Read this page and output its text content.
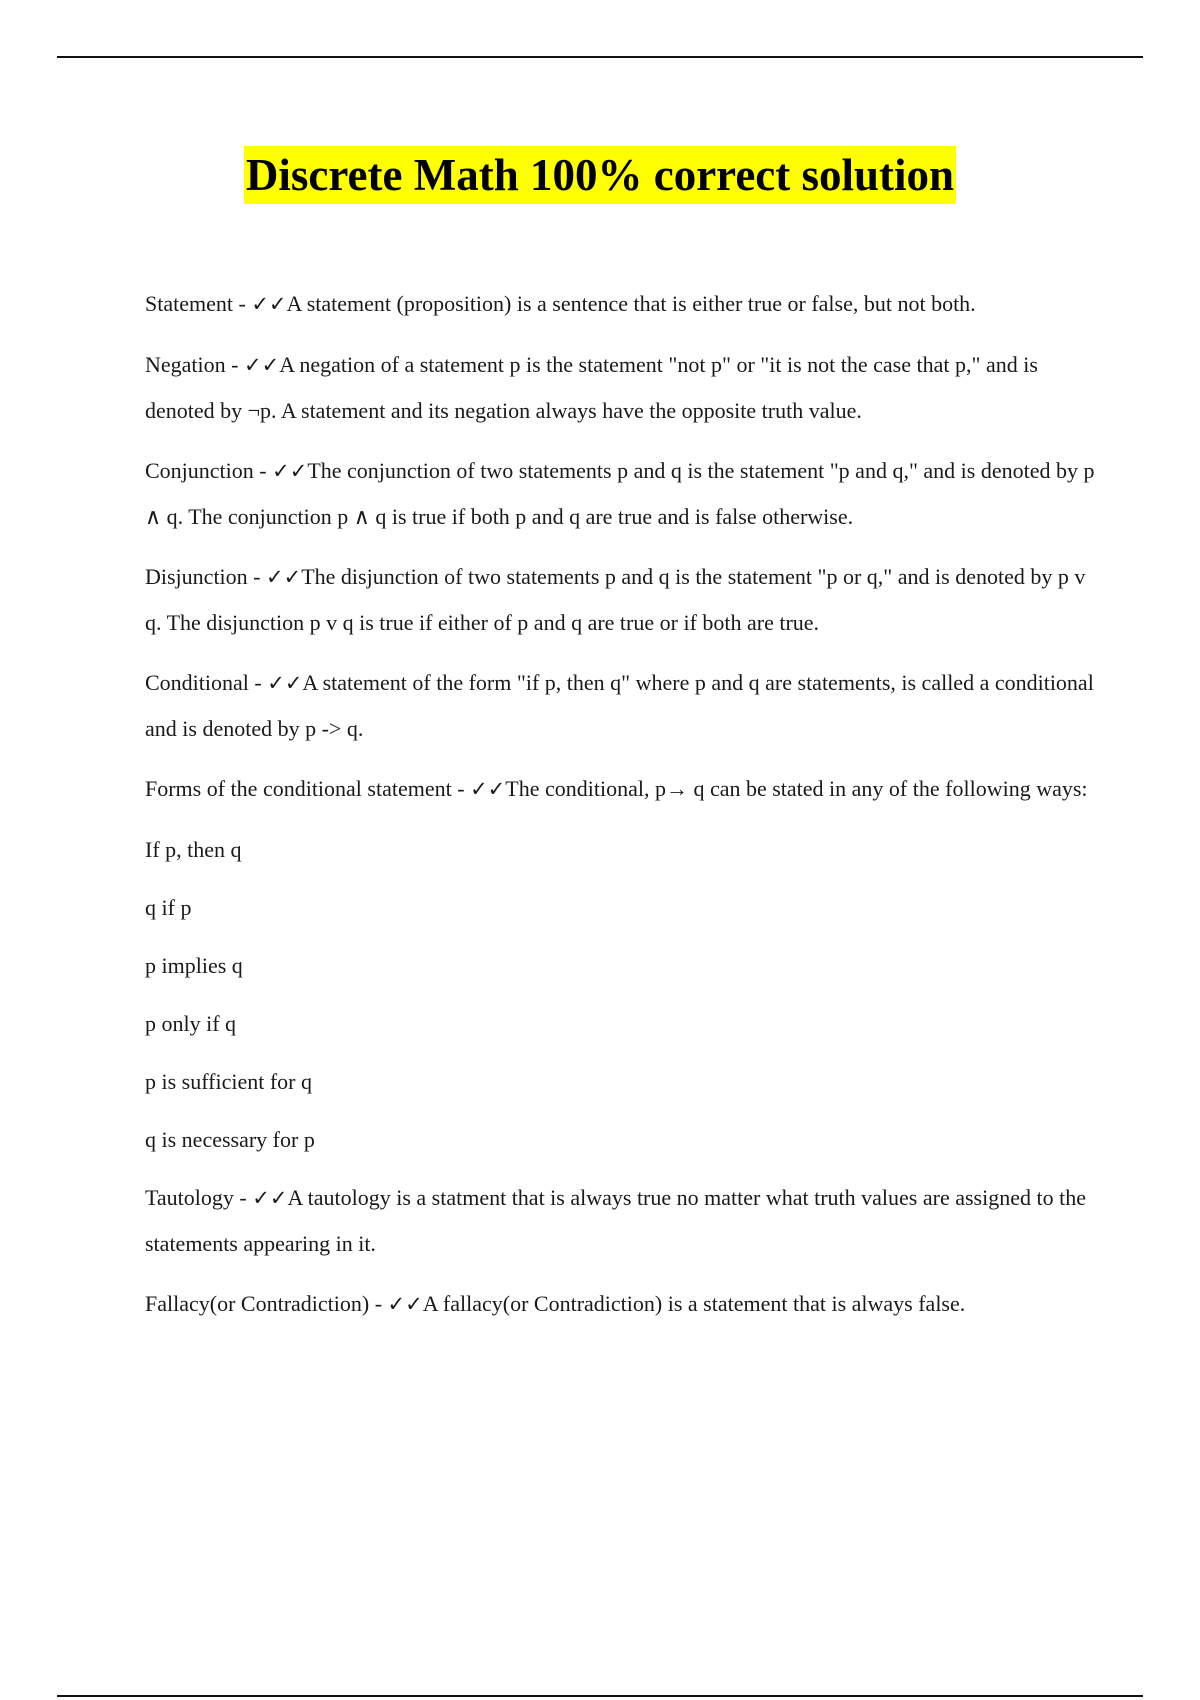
Discrete Math 100% correct solution
Statement - ✓✓A statement (proposition) is a sentence that is either true or false, but not both.
Negation - ✓✓A negation of a statement p is the statement "not p" or "it is not the case that p," and is denoted by ¬p. A statement and its negation always have the opposite truth value.
Conjunction - ✓✓The conjunction of two statements p and q is the statement "p and q," and is denoted by p ∧ q. The conjunction p ∧ q is true if both p and q are true and is false otherwise.
Disjunction - ✓✓The disjunction of two statements p and q is the statement "p or q," and is denoted by p v q. The disjunction p v q is true if either of p and q are true or if both are true.
Conditional - ✓✓A statement of the form "if p, then q" where p and q are statements, is called a conditional and is denoted by p -> q.
Forms of the conditional statement - ✓✓The conditional, p→ q can be stated in any of the following ways:
If p, then q
q if p
p implies q
p only if q
p is sufficient for q
q is necessary for p
Tautology - ✓✓A tautology is a statment that is always true no matter what truth values are assigned to the statements appearing in it.
Fallacy(or Contradiction) - ✓✓A fallacy(or Contradiction) is a statement that is always false.
